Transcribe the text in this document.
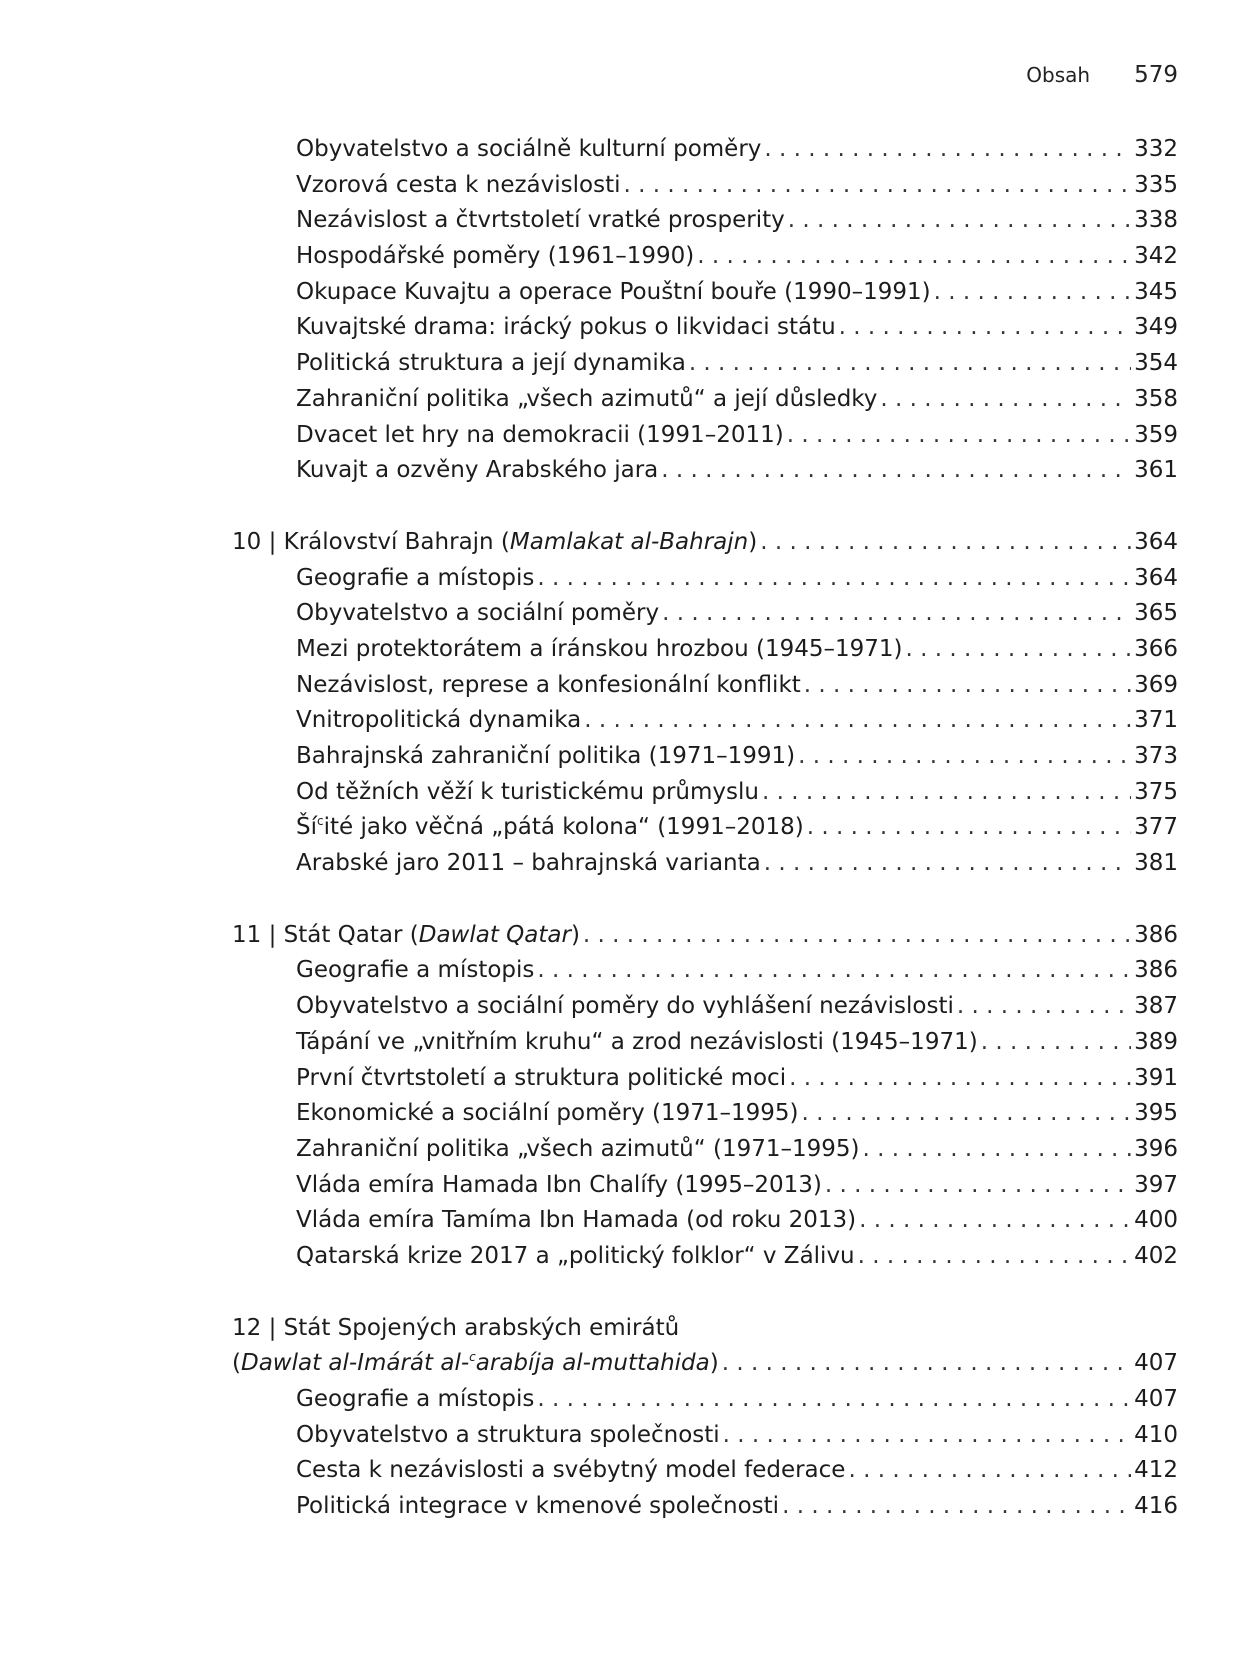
Obsah 579
Obyvatelstvo a sociálně kulturní poměry . . .	332
Vzorová cesta k nezávislosti . . .	335
Nezávislost a čtvrtstoletí vratké prosperity . . .	338
Hospodářské poměry (1961–1990) . . .	342
Okupace Kuvajtu a operace Pouštní bouře (1990–1991) . . .	345
Kuvajtské drama: irácký pokus o likvidaci státu . . .	349
Politická struktura a její dynamika . . .	354
Zahraniční politika „všech azimutů“ a její důsledky . . .	358
Dvacet let hry na demokracii (1991–2011) . . .	359
Kuvajt a ozvěny Arabského jara . . .	361
10 | Království Bahrajn (Mamlakat al-Bahrajn) . . .	364
Geografie a místopis . . .	364
Obyvatelstvo a sociální poměry . . .	365
Mezi protektorátem a íránskou hrozbou (1945–1971) . . .	366
Nezávislost, represe a konfesionální konflikt . . .	369
Vnitropolitická dynamika . . .	371
Bahrajnská zahraniční politika (1971–1991) . . .	373
Od těžních věží k turistickému průmyslu . . .	375
$Ší^cité$ jako věčná „pátá kolona“ (1991–2018) . . .	377
Arabské jaro 2011 – bahrajnská varianta . . .	381
11 | Stát Qatar (Dawlat Qatar) . . .	386
Geografie a místopis . . .	386
Obyvatelstvo a sociální poměry do vyhlášení nezávislosti . . .	387
Tápání ve „vnitřním kruhu“ a zrod nezávislosti (1945–1971) . . .	389
První čtvrtstoletí a struktura politické moci . . .	391
Ekonomické a sociální poměry (1971–1995) . . .	395
Zahraniční politika „všech azimutů“ (1971–1995) . . .	396
Vláda emíra Hamada Ibn Chalífy (1995–2013) . . .	397
Vláda emíra Tamíma Ibn Hamada (od roku 2013) . . .	400
Qatarská krize 2017 a „politický folklor“ v Zálivu . . .	402
12 | Stát Spojených arabských emirátů
(Dawlat al-Imárát al-$^c$arabíja al-muttahida) . . .	407
Geografie a místopis . . .	407
Obyvatelstvo a struktura společnosti . . .	410
Cesta k nezávislosti a svébytný model federace . . .	412
Politická integrace v kmenové společnosti . . .	416
